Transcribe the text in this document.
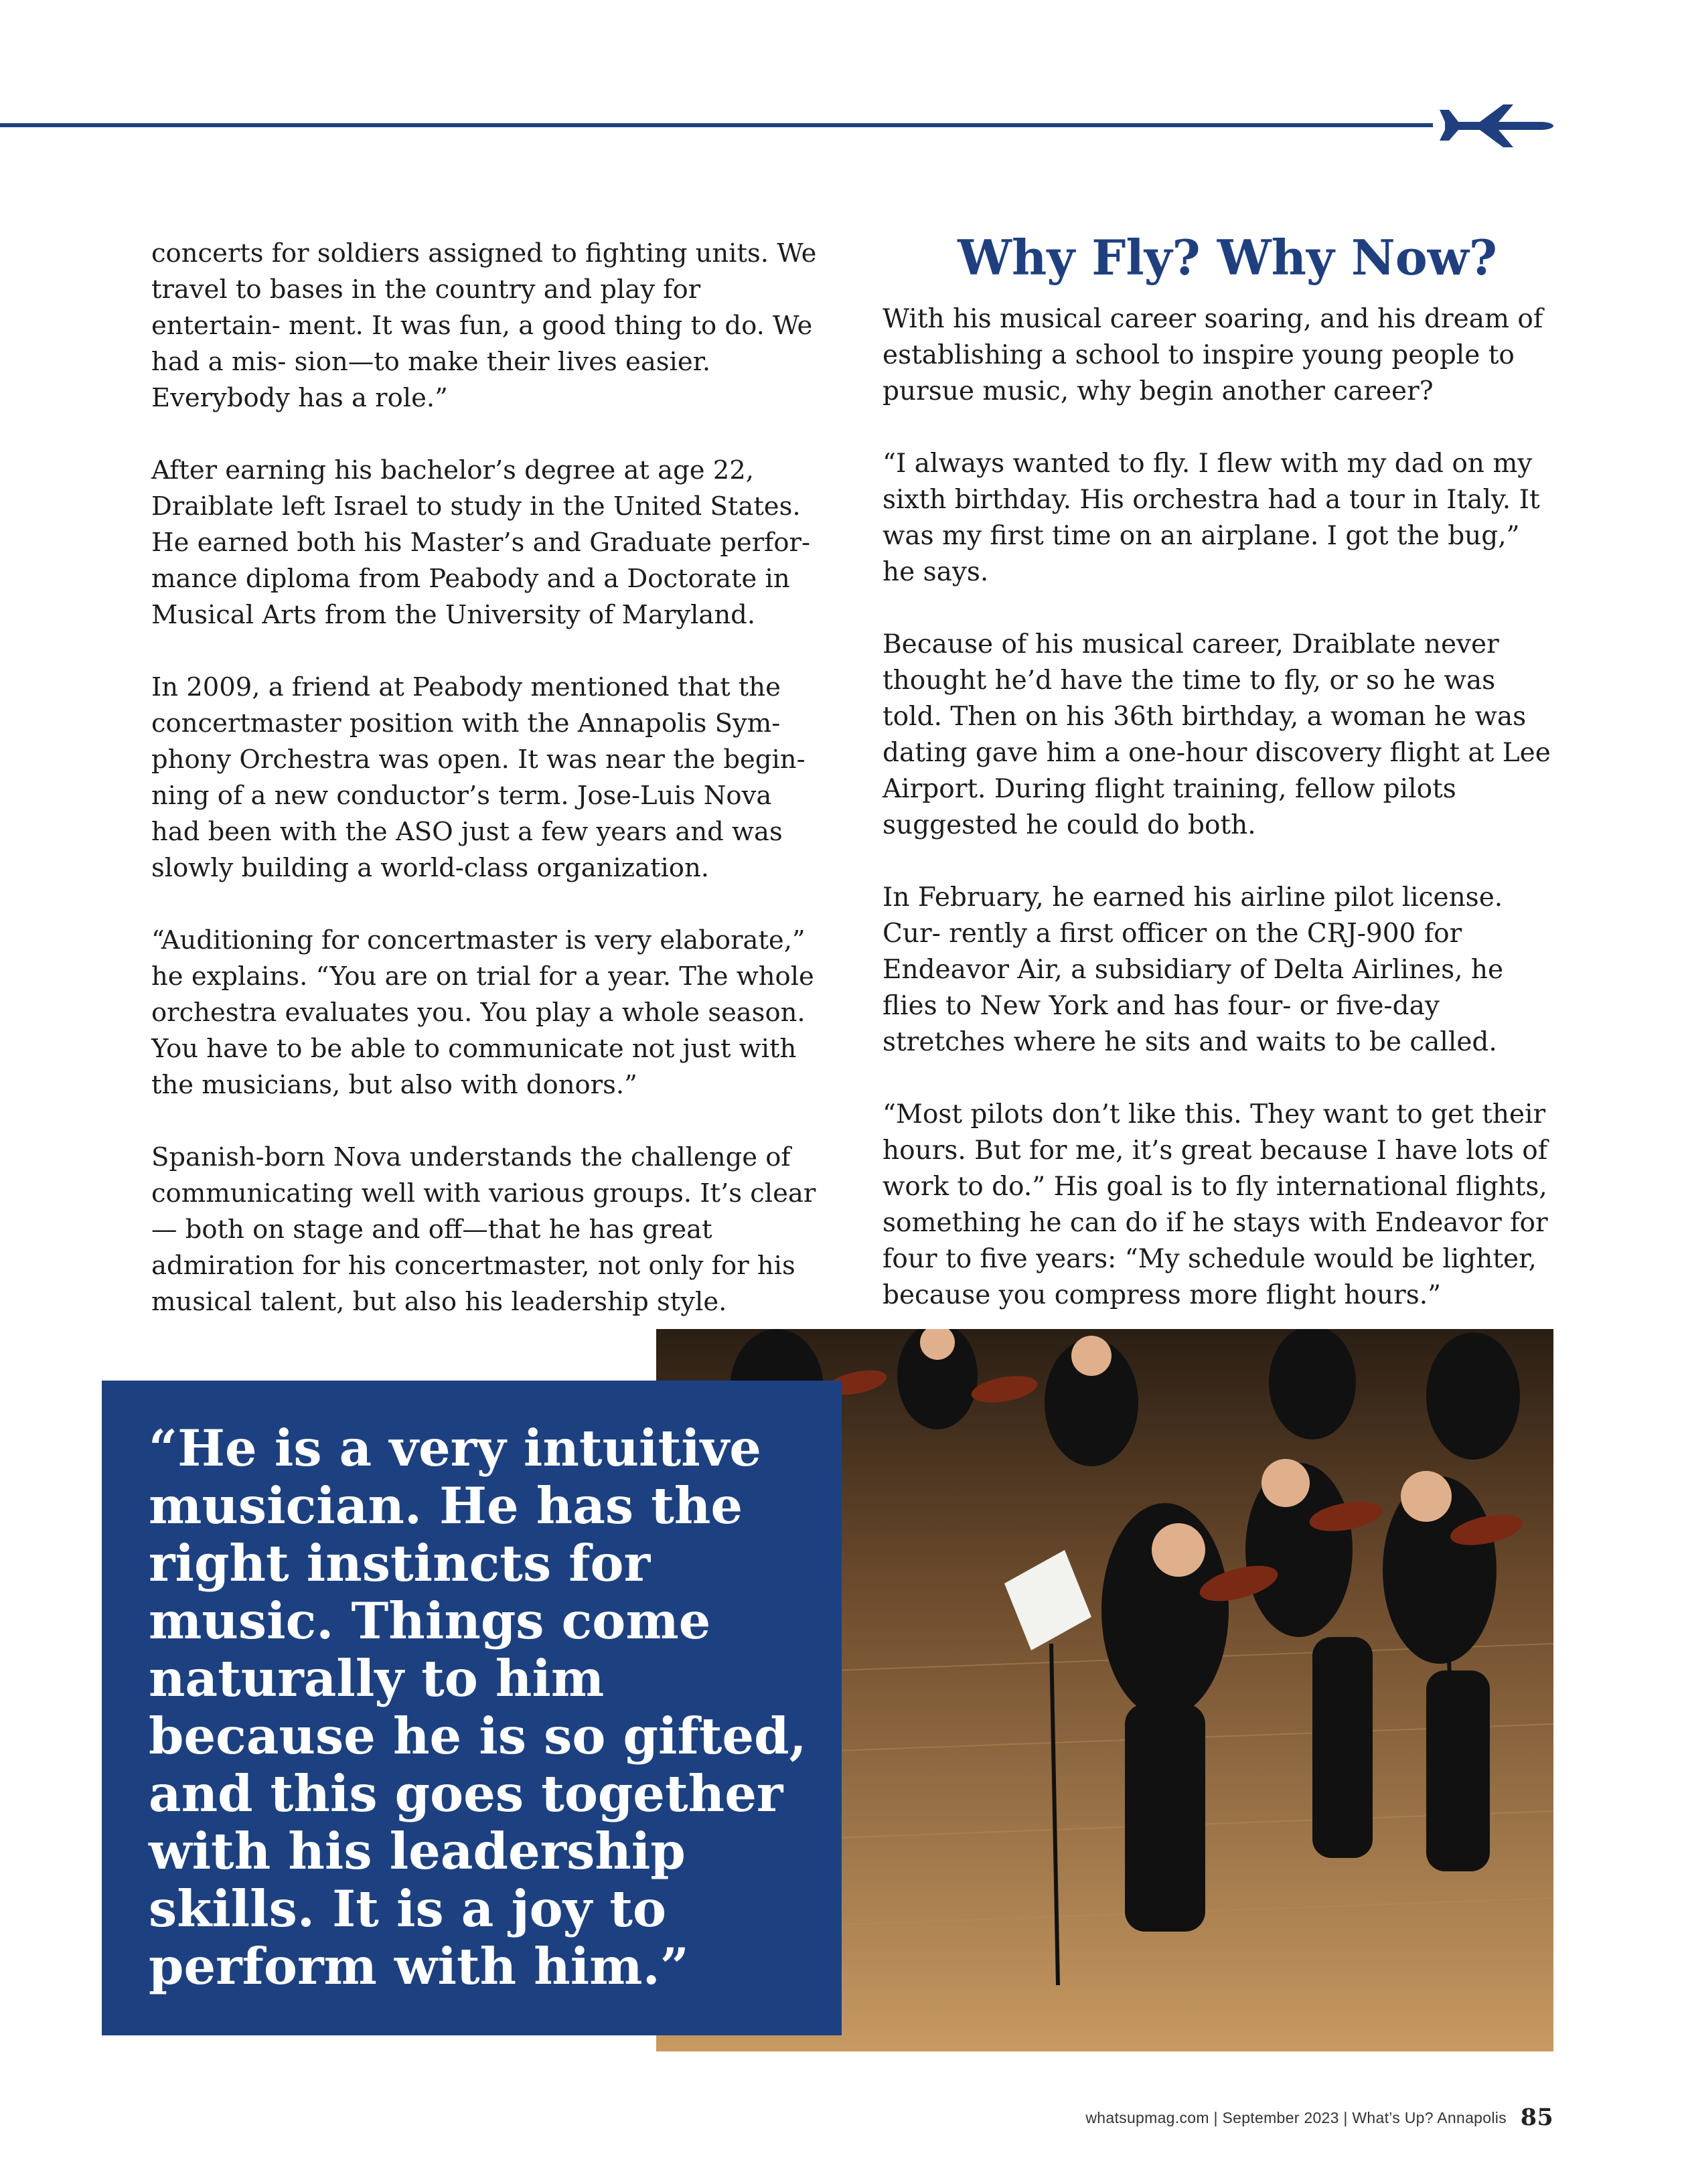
concerts for soldiers assigned to fighting units. We travel to bases in the country and play for entertain- ment. It was fun, a good thing to do. We had a mis- sion—to make their lives easier. Everybody has a role.”

After earning his bachelor’s degree at age 22, Draiblate left Israel to study in the United States. He earned both his Master’s and Graduate perfor- mance diploma from Peabody and a Doctorate in Musical Arts from the University of Maryland.

In 2009, a friend at Peabody mentioned that the concertmaster position with the Annapolis Sym- phony Orchestra was open. It was near the begin- ning of a new conductor’s term. Jose-Luis Nova had been with the ASO just a few years and was slowly building a world-class organization.

“Auditioning for concertmaster is very elaborate,” he explains. “You are on trial for a year. The whole orchestra evaluates you. You play a whole season. You have to be able to communicate not just with the musicians, but also with donors.”

Spanish-born Nova understands the challenge of communicating well with various groups. It’s clear— both on stage and off—that he has great admiration for his concertmaster, not only for his musical talent, but also his leadership style.

Why Fly? Why Now?

With his musical career soaring, and his dream of establishing a school to inspire young people to pursue music, why begin another career?

“I always wanted to fly. I flew with my dad on my sixth birthday. His orchestra had a tour in Italy. It was my first time on an airplane. I got the bug,” he says.

Because of his musical career, Draiblate never thought he’d have the time to fly, or so he was told. Then on his 36th birthday, a woman he was dating gave him a one-hour discovery flight at Lee Airport. During flight training, fellow pilots suggested he could do both.

In February, he earned his airline pilot license. Cur- rently a first officer on the CRJ-900 for Endeavor Air, a subsidiary of Delta Airlines, he flies to New York and has four- or five-day stretches where he sits and waits to be called.

“Most pilots don’t like this. They want to get their hours. But for me, it’s great because I have lots of work to do.” His goal is to fly international flights, something he can do if he stays with Endeavor for four to five years: “My schedule would be lighter, because you compress more flight hours.”

“He is a very intuitive musician. He has the right instincts for music. Things come naturally to him because he is so gifted, and this goes together with his leadership skills. It is a joy to perform with him.”

whatsupmag.com | September 2023 | What’s Up? Annapolis 85
